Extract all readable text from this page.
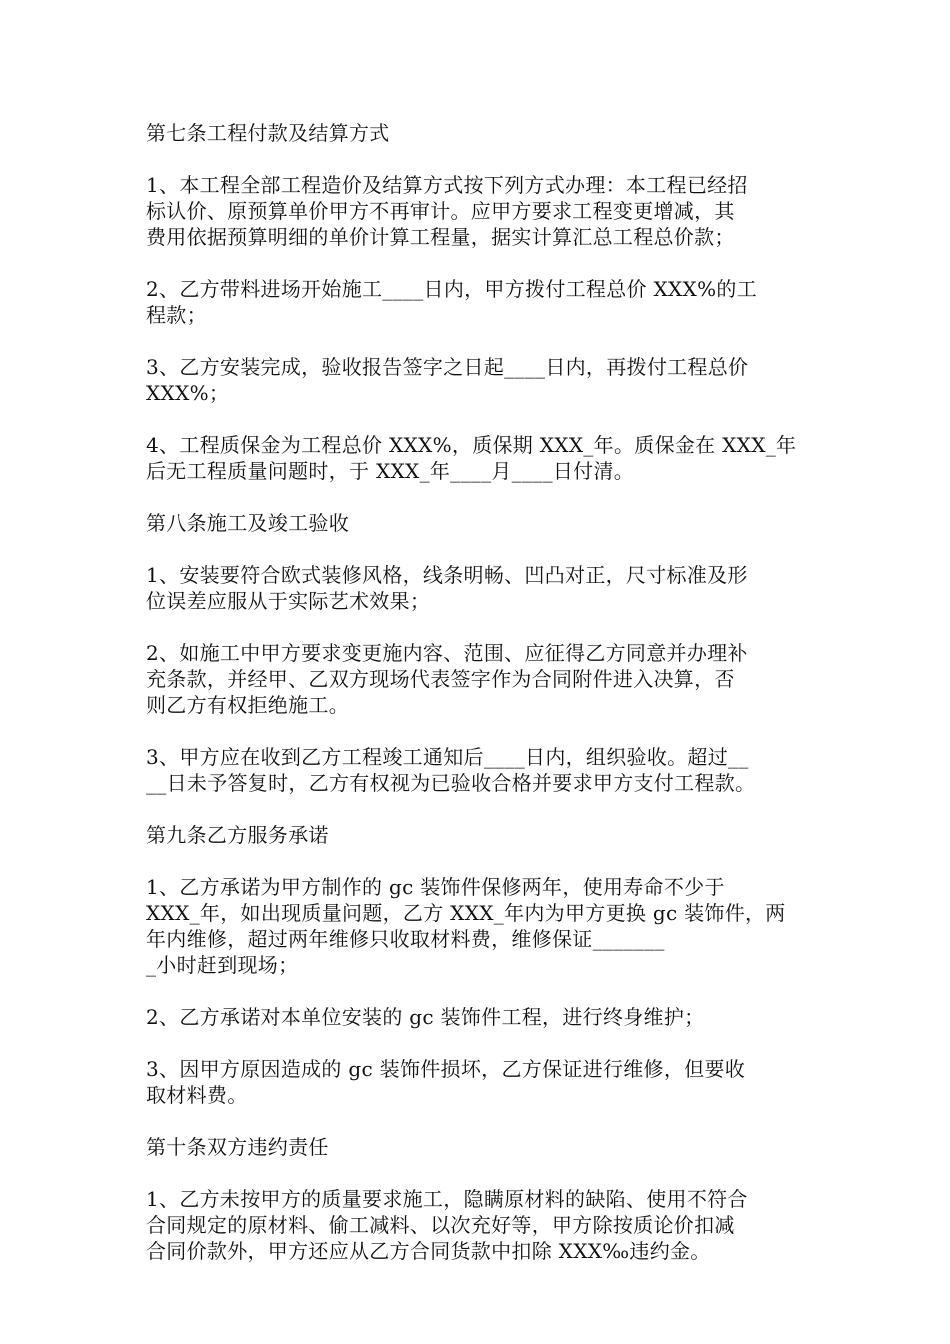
第七条工程付款及结算方式

1、本工程全部工程造价及结算方式按下列方式办理：本工程已经招
标认价、原预算单价甲方不再审计。应甲方要求工程变更增减，其
费用依据预算明细的单价计算工程量，据实计算汇总工程总价款；

2、乙方带料进场开始施工____日内，甲方拨付工程总价 XXX%的工
程款；

3、乙方安装完成，验收报告签字之日起____日内，再拨付工程总价
XXX%；

4、工程质保金为工程总价 XXX%，质保期 XXX_年。质保金在 XXX_年
后无工程质量问题时，于 XXX_年____月____日付清。

第八条施工及竣工验收

1、安装要符合欧式装修风格，线条明畅、凹凸对正，尺寸标准及形
位误差应服从于实际艺术效果；

2、如施工中甲方要求变更施内容、范围、应征得乙方同意并办理补
充条款，并经甲、乙双方现场代表签字作为合同附件进入决算，否
则乙方有权拒绝施工。

3、甲方应在收到乙方工程竣工通知后____日内，组织验收。超过__
__日未予答复时，乙方有权视为已验收合格并要求甲方支付工程款。

第九条乙方服务承诺

1、乙方承诺为甲方制作的 gc 装饰件保修两年，使用寿命不少于
XXX_年，如出现质量问题，乙方 XXX_年内为甲方更换 gc 装饰件，两
年内维修，超过两年维修只收取材料费，维修保证_______
_小时赶到现场；

2、乙方承诺对本单位安装的 gc 装饰件工程，进行终身维护；

3、因甲方原因造成的 gc 装饰件损坏，乙方保证进行维修，但要收
取材料费。

第十条双方违约责任

1、乙方未按甲方的质量要求施工，隐瞒原材料的缺陷、使用不符合
合同规定的原材料、偷工减料、以次充好等，甲方除按质论价扣减
合同价款外，甲方还应从乙方合同货款中扣除 XXX‰违约金。
